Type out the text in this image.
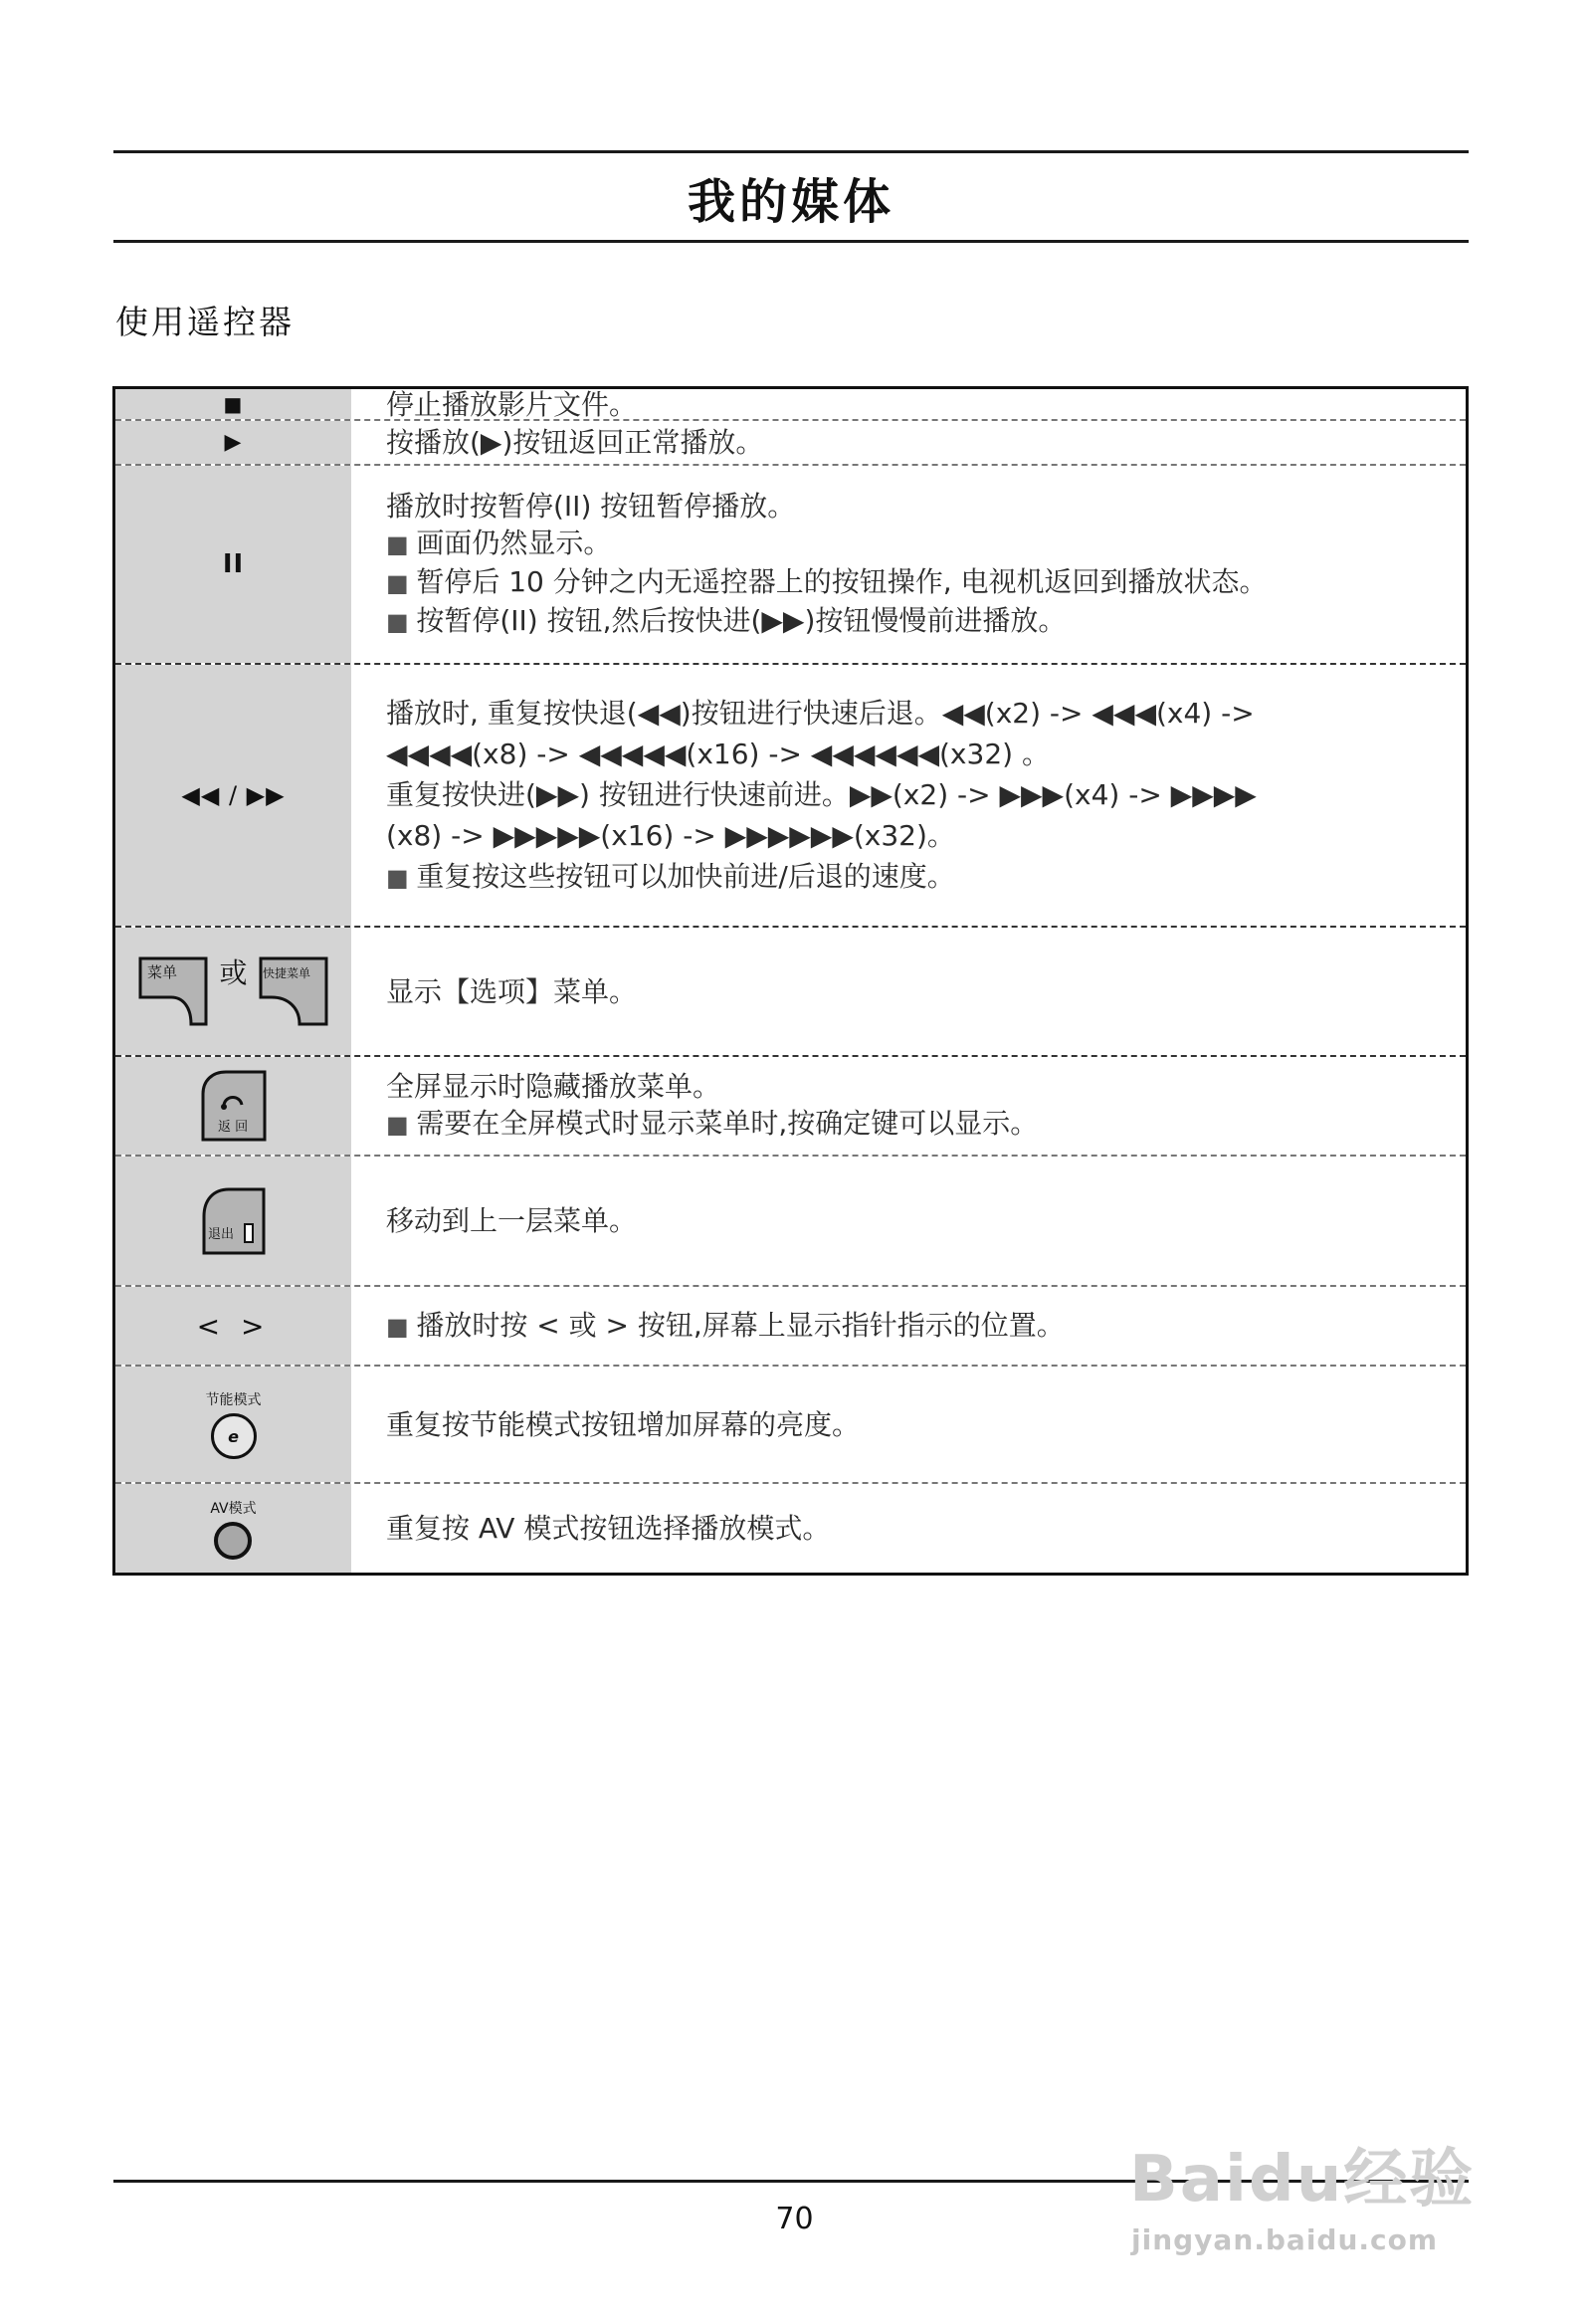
我的媒体
使用遥控器
■	停止播放影片文件。
▶	按播放(▶)按钮返回正常播放。
II
播放时按暂停(II) 按钮暂停播放。
■ 画面仍然显示。
■ 暂停后 10 分钟之内无遥控器上的按钮操作, 电视机返回到播放状态。
■ 按暂停(II) 按钮,然后按快进(▶▶)按钮慢慢前进播放。
◀◀ / ▶▶
播放时, 重复按快退(◀◀)按钮进行快速后退。◀◀(x2) -> ◀◀◀(x4) ->
◀◀◀◀(x8) -> ◀◀◀◀◀(x16) -> ◀◀◀◀◀◀(x32) 。
重复按快进(▶▶) 按钮进行快速前进。▶▶(x2) -> ▶▶▶(x4) -> ▶▶▶▶
(x8) -> ▶▶▶▶▶(x16) -> ▶▶▶▶▶▶(x32)。
■ 重复按这些按钮可以加快前进/后退的速度。
菜单 或 快捷菜单
显示【选项】菜单。
返 回
全屏显示时隐藏播放菜单。
■ 需要在全屏模式时显示菜单时,按确定键可以显示。
退出	移动到上一层菜单。
< >
■	播放时按 < 或 > 按钮,屏幕上显示指针指示的位置。
节能模式
e	重复按节能模式按钮增加屏幕的亮度。
AV模式
重复按 AV 模式按钮选择播放模式。
70
Baidu经验
jingyan.baidu.com
